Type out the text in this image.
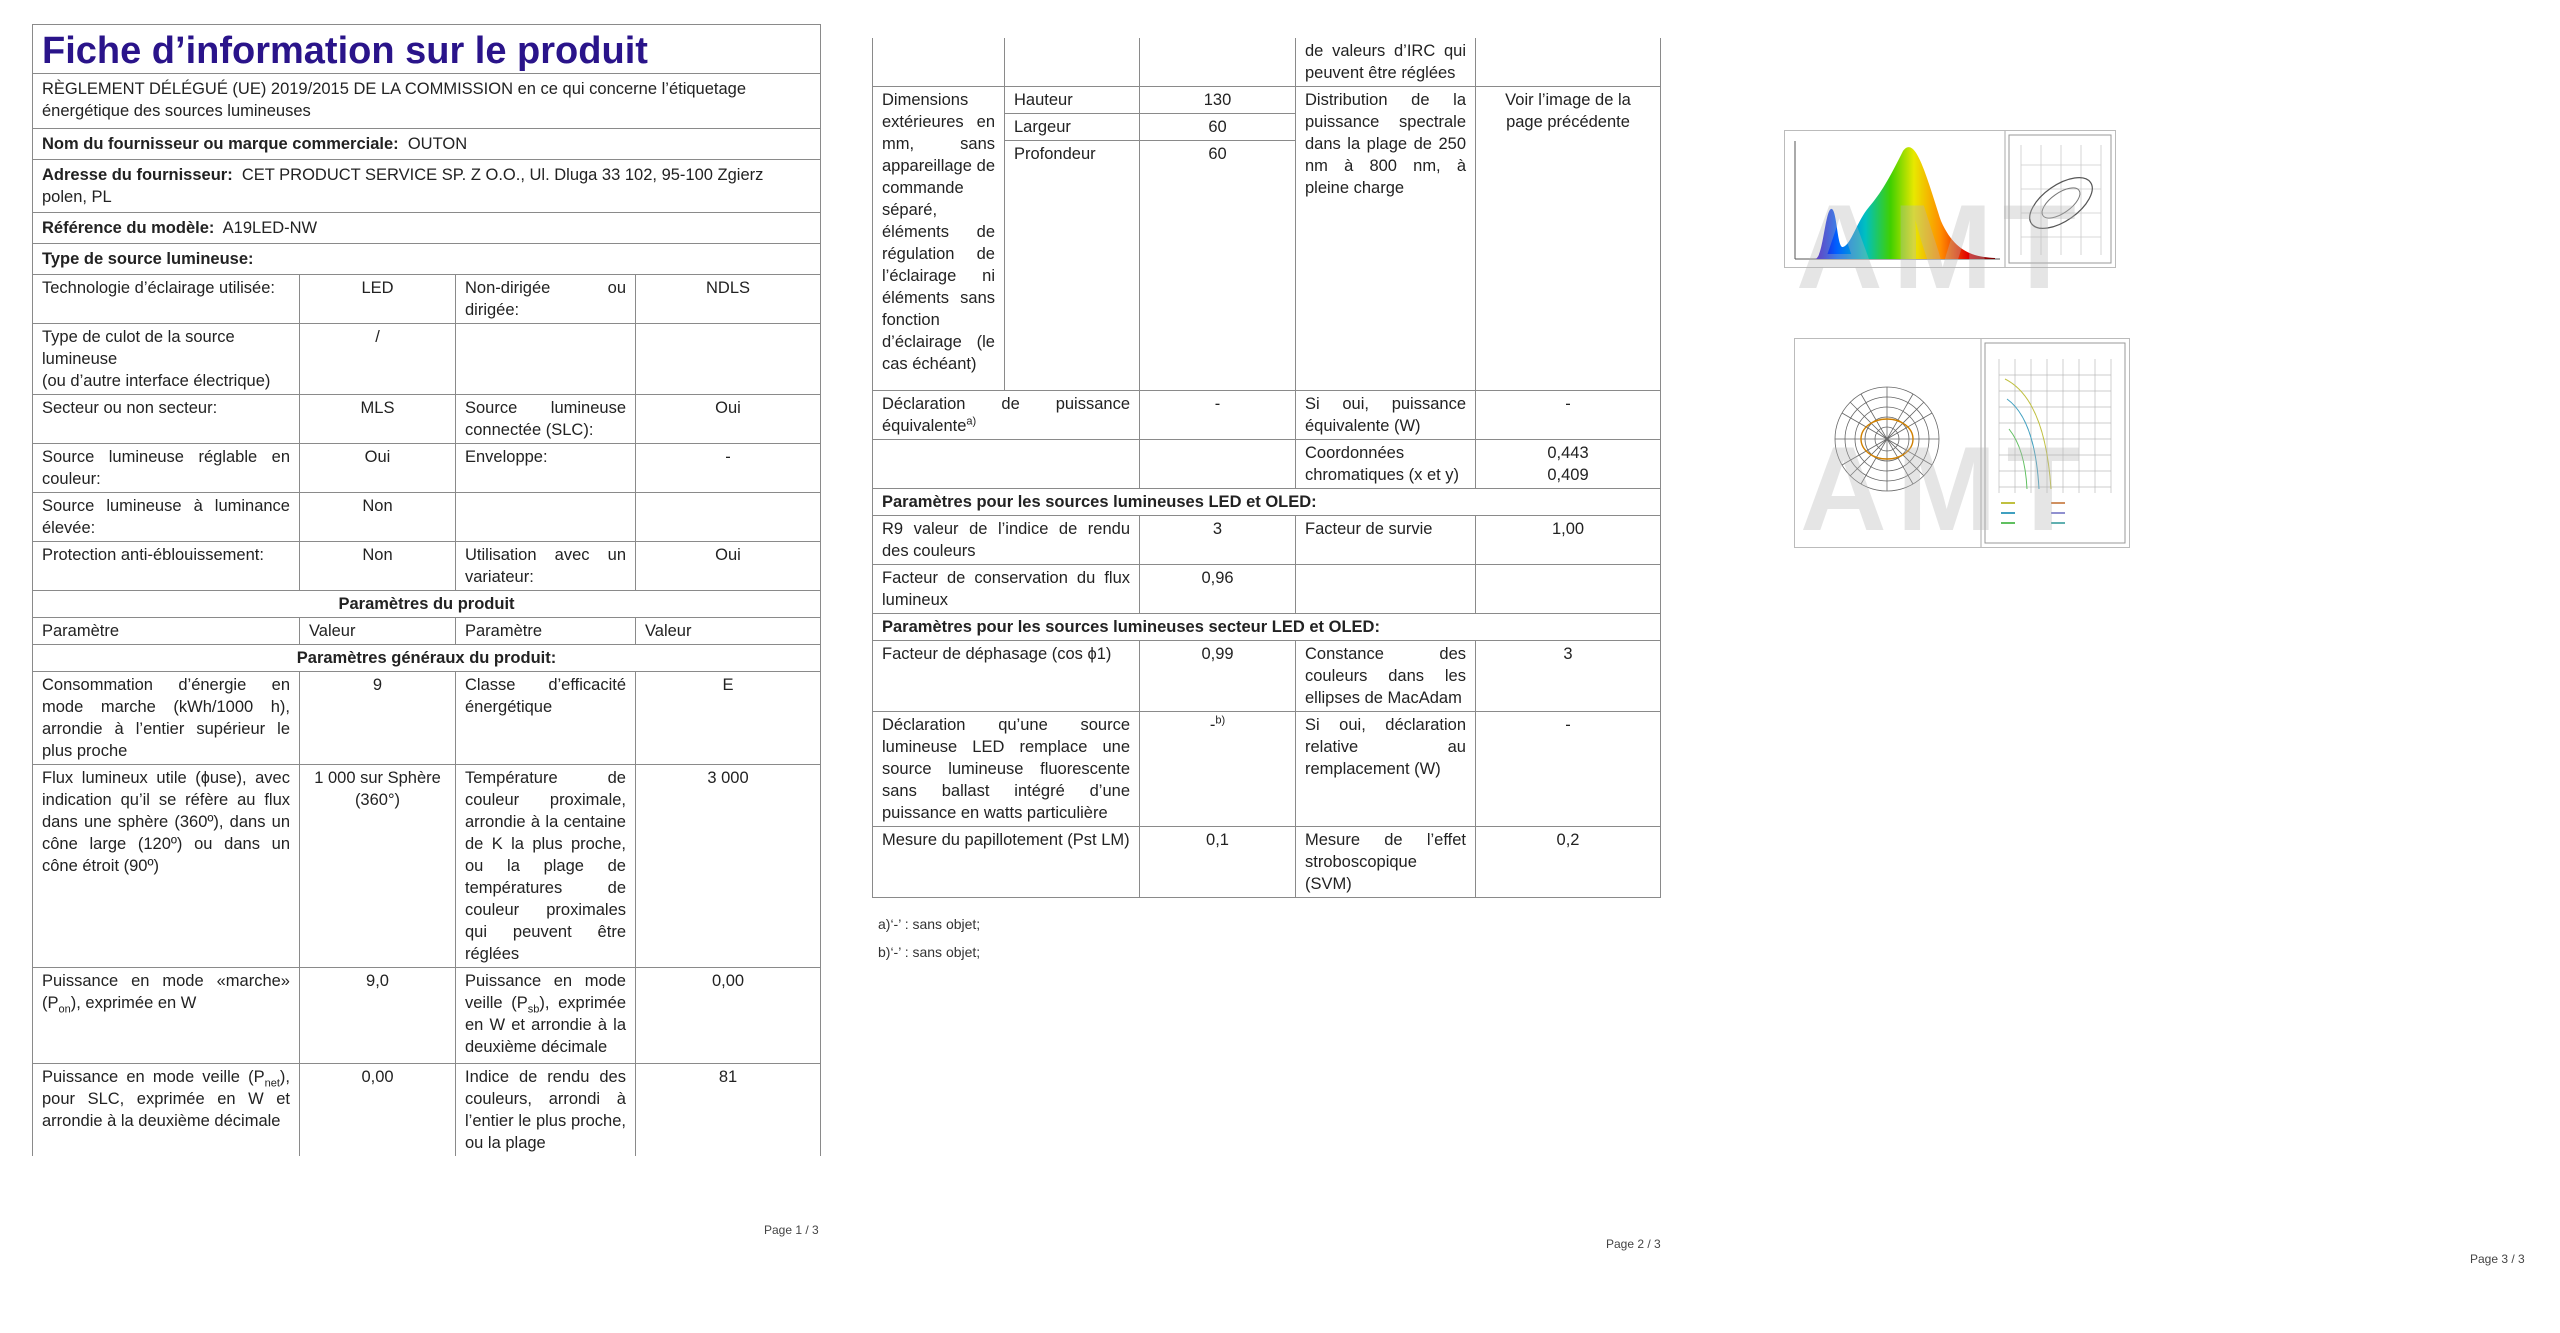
Fiche d’information sur le produit
RÈGLEMENT DÉLÉGUÉ (UE) 2019/2015 DE LA COMMISSION en ce qui concerne l’étiquetage énergétique des sources lumineuses			

Nom du fournisseur ou marque commerciale: OUTON			
Adresse du fournisseur: CET PRODUCT SERVICE SP. Z O.O., Ul. Dluga 33 102, 95-100 Zgierz polen, PL			
Référence du modèle: A19LED-NW			
Type de source lumineuse:			
Technologie d’éclairage utilisée:	LED	Non-dirigée ou dirigée:	NDLS
Type de culot de la source lumineuse
(ou d’autre interface électrique)	/		
Secteur ou non secteur:	MLS	Source lumineuse connectée (SLC):	Oui
Source lumineuse réglable en couleur:	Oui	Enveloppe:	-
Source lumineuse à luminance élevée:	Non		
Protection anti-éblouissement:	Non	Utilisation avec un variateur:	Oui
Paramètres du produit			
Paramètre	Valeur	Paramètre	Valeur
Paramètres généraux du produit:			
Consommation d’énergie en mode marche (kWh/1000 h), arrondie à l’entier supérieur le plus proche	9	Classe d’efficacité énergétique	E
Flux lumineux utile (ɸuse), avec indication qu’il se réfère au flux dans une sphère (360º), dans un cône large (120º) ou dans un cône étroit (90º)	1 000 sur Sphère (360°)	Température de couleur proximale, arrondie à la centaine de K la plus proche, ou la plage de températures de couleur proximales qui peuvent être réglées	3 000
Puissance en mode «marche» $(P_{on})$, exprimée en W	9,0	Puissance en mode veille $(P_{sb})$, exprimée en W et arrondie à la deuxième décimale	0,00
Puissance en mode veille $(P_{net})$, pour SLC, exprimée en W et arrondie à la deuxième décimale	0,00	Indice de rendu des couleurs, arrondi à l’entier le plus proche, ou la plage	81
Page 1 / 3
			de valeurs d’IRC qui peuvent être réglées	
Dimensions extérieures en mm, sans appareillage de commande séparé, éléments de régulation de l’éclairage ni éléments sans fonction d’éclairage (le cas échéant)	Hauteur	130	Distribution de la puissance spectrale dans la plage de 250 nm à 800 nm, à pleine charge	Voir l’image de la page précédente
	Largeur	60		
	Profondeur	60		
Déclaration de puissance équivalente$^{a)}$		-	Si oui, puissance équivalente (W)	-
			Coordonnées chromatiques (x et y)	0,443
0,409

Paramètres pour les sources lumineuses LED et OLED:				
R9 valeur de l’indice de rendu des couleurs		3	Facteur de survie	1,00
Facteur de conservation du flux lumineux		0,96		
Paramètres pour les sources lumineuses secteur LED et OLED:				
Facteur de déphasage (cos ϕ1)		0,99	Constance des couleurs dans les ellipses de MacAdam	3
Déclaration qu’une source lumineuse LED remplace une source lumineuse fluorescente sans ballast intégré d’une puissance en watts particulière		-$^{b)}$	Si oui, déclaration relative au remplacement (W)	-
Mesure du papillotement (Pst LM)		0,1	Mesure de l’effet stroboscopique (SVM)	0,2
a)‘-’ : sans objet;
b)‘-’ : sans objet;
Page 2 / 3
AMT
AMT
Page 3 / 3
